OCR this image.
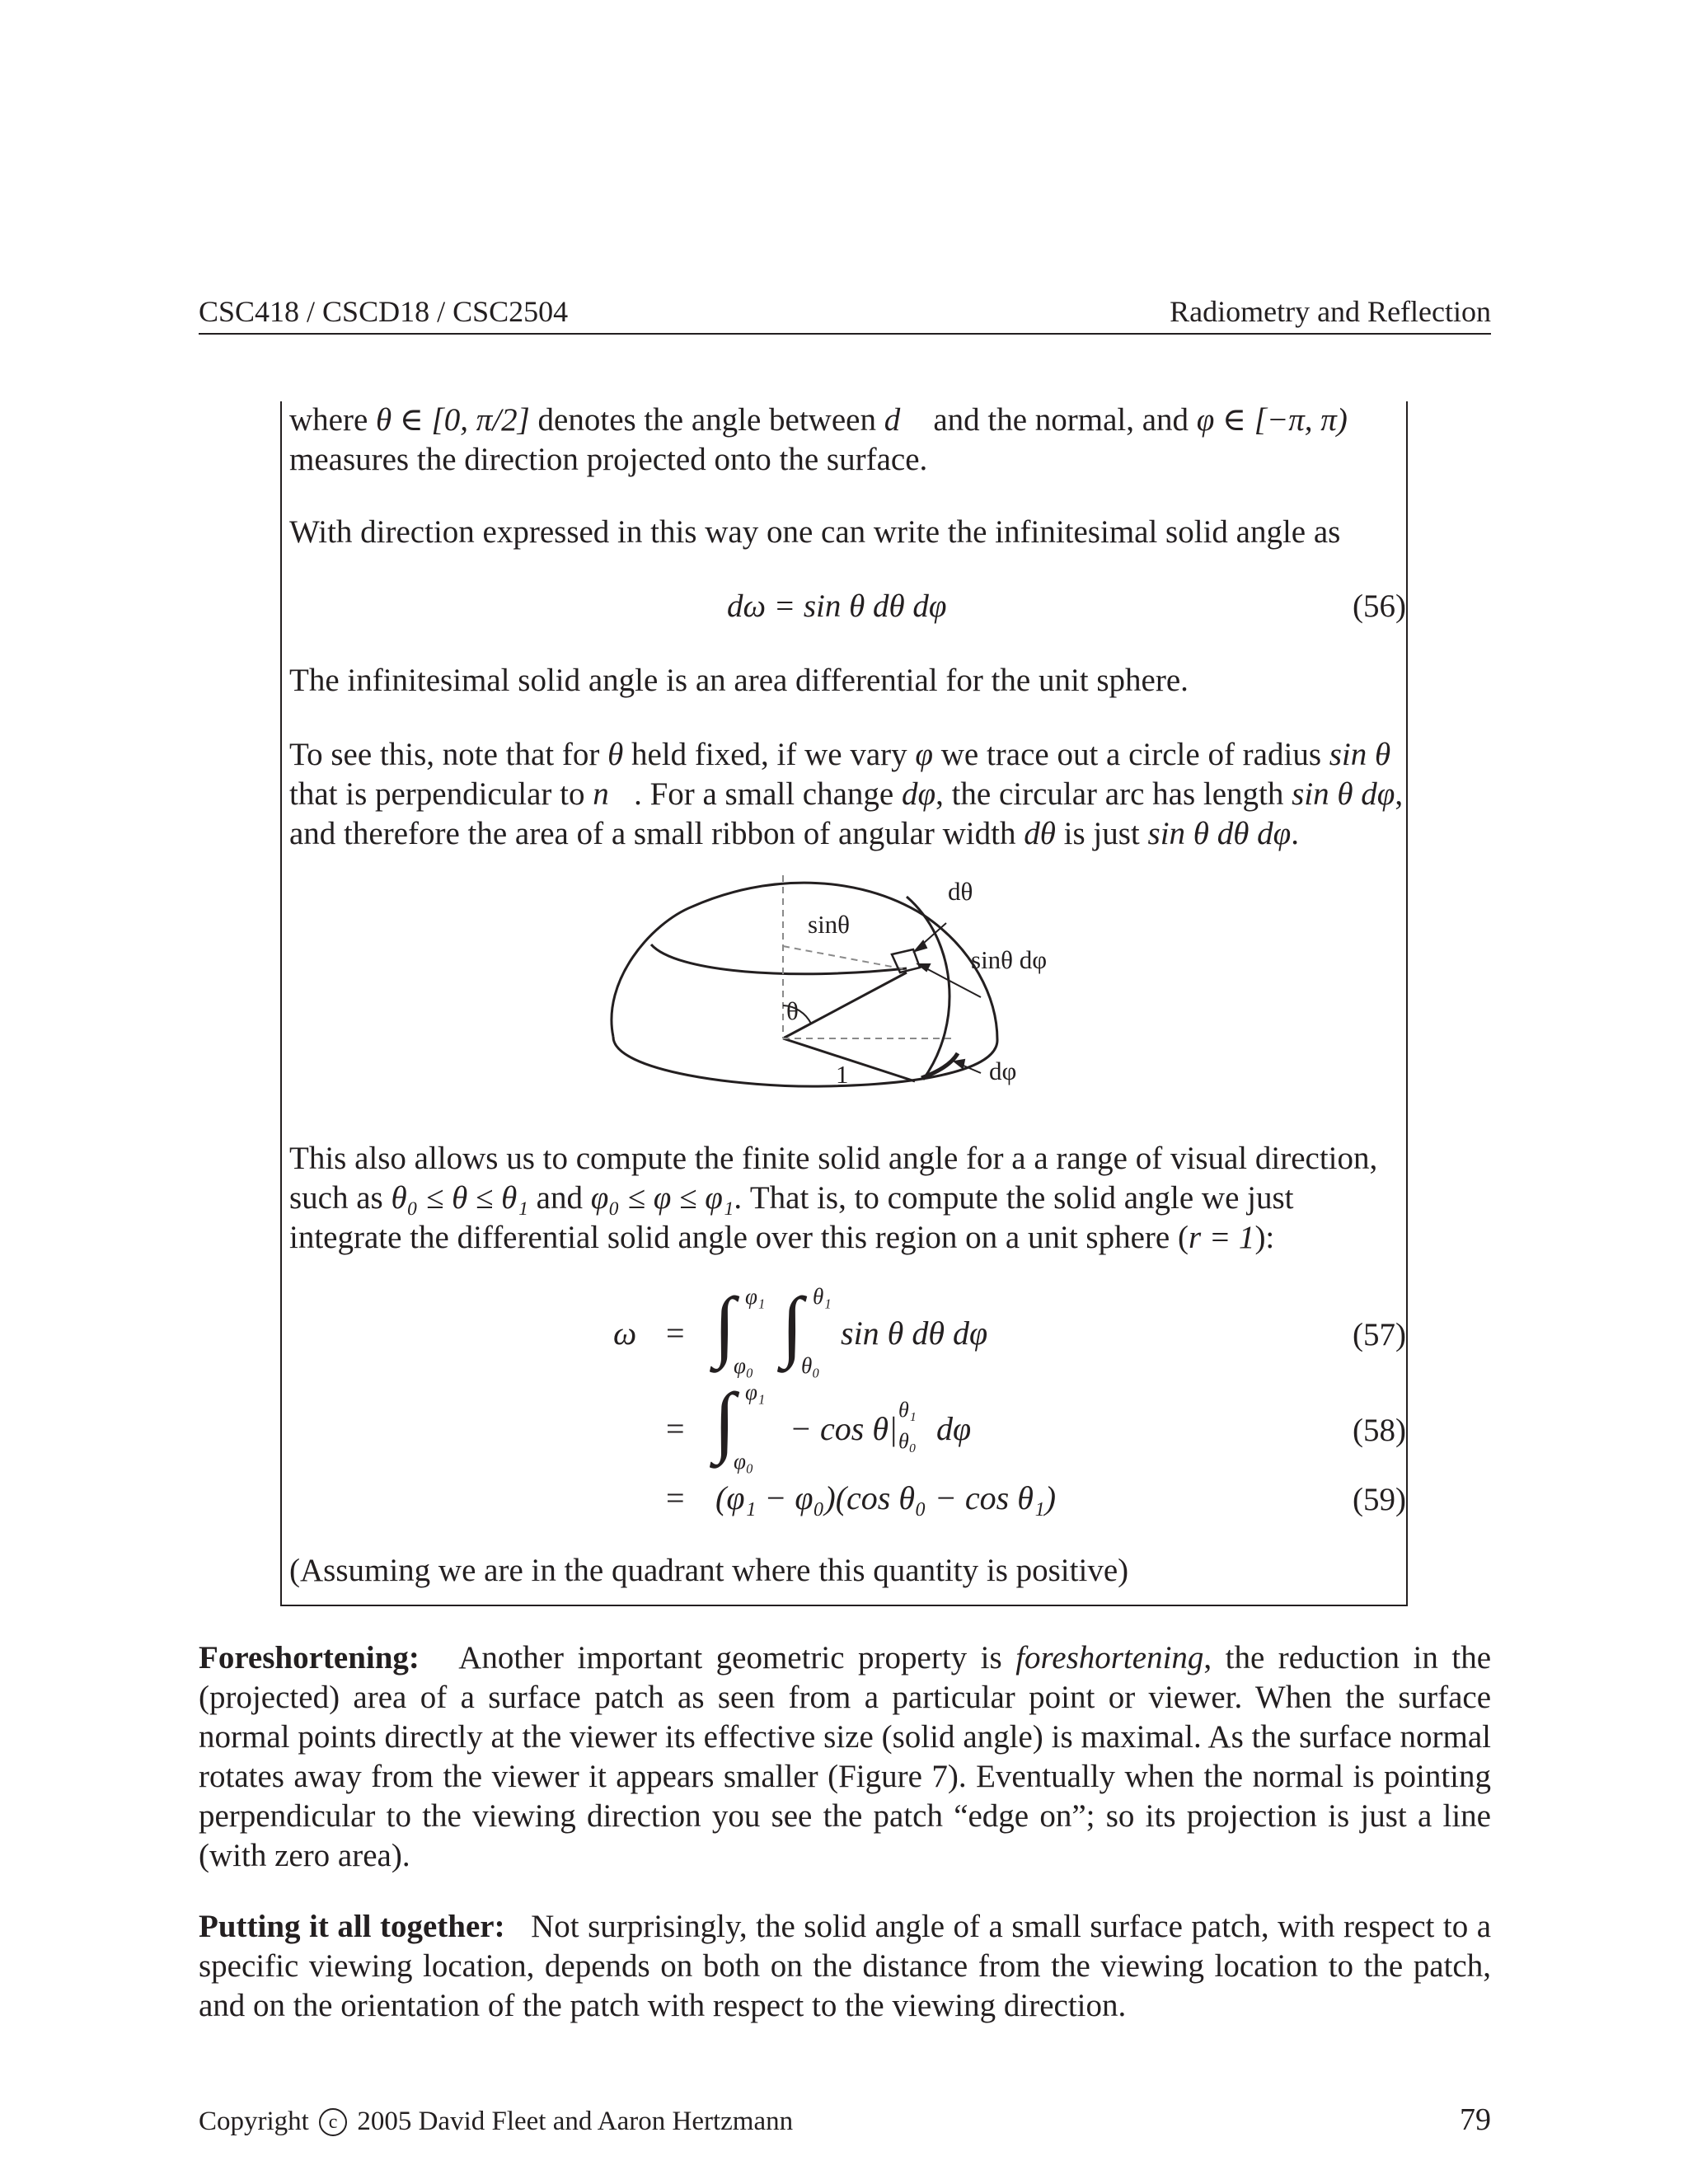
CSC418 / CSCD18 / CSC2504	Radiometry and Reflection
where θ ∈ [0, π/2] denotes the angle between d⃗ and the normal, and φ ∈ [−π, π)
measures the direction projected onto the surface.
With direction expressed in this way one can write the infinitesimal solid angle as
dω = sin θ dθ dφ	(56)
The infinitesimal solid angle is an area differential for the unit sphere.
To see this, note that for θ held fixed, if we vary φ we trace out a circle of radius sin θ
that is perpendicular to n⃗. For a small change dφ, the circular arc has length sin θ dφ,
and therefore the area of a small ribbon of angular width dθ is just sin θ dθ dφ.
dθ
sinθ
sinθ dφ
θ
1	dφ
This also allows us to compute the finite solid angle for a a range of visual direction,
such as θ₀ ≤ θ ≤ θ₁ and φ₀ ≤ φ ≤ φ₁. That is, to compute the solid angle we just
integrate the differential solid angle over this region on a unit sphere (r = 1):
ω = ∫ φ₁
φ₀ ∫ θ₁
θ₀
sin θ dθ dφ	(57)
= ∫ φ₁
φ₀
− cos θ|
θ₁
θ₀ dφ	(58)
= (φ₁ − φ₀)(cos θ₀ − cos θ₁)	(59)
(Assuming we are in the quadrant where this quantity is positive)
Foreshortening: Another important geometric property is foreshortening, the reduction in the (projected) area of a surface patch as seen from a particular point or viewer. When the surface normal points directly at the viewer its effective size (solid angle) is maximal. As the surface normal rotates away from the viewer it appears smaller (Figure 7). Eventually when the normal is pointing perpendicular to the viewing direction you see the patch “edge on”; so its projection is just a line (with zero area).
Putting it all together: Not surprisingly, the solid angle of a small surface patch, with respect to a specific viewing location, depends on both on the distance from the viewing location to the patch, and on the orientation of the patch with respect to the viewing direction.
Copyright c 2005 David Fleet and Aaron Hertzmann	79
